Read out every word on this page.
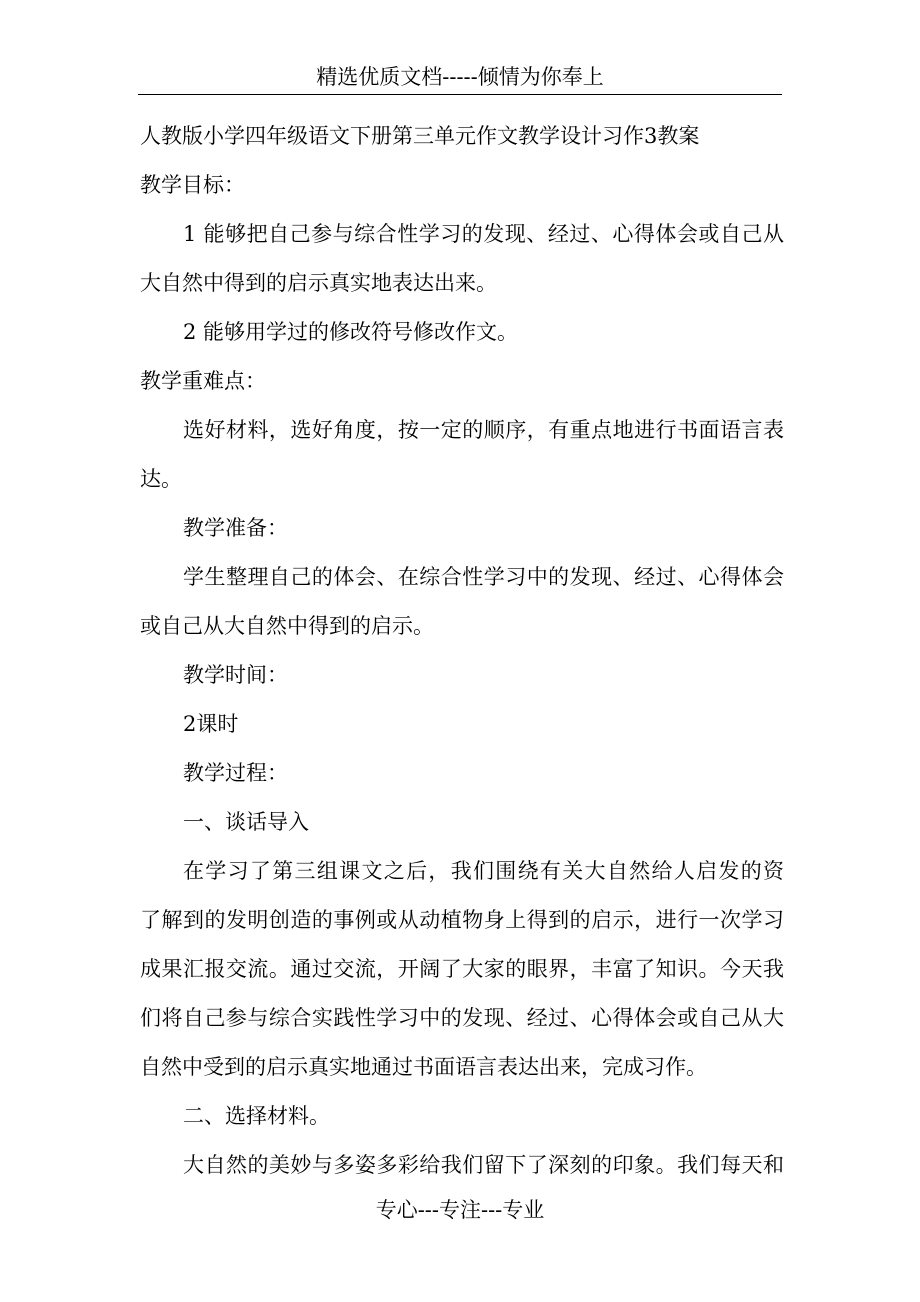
精选优质文档-----倾情为你奉上
人教版小学四年级语文下册第三单元作文教学设计习作3教案
教学目标：
1 能够把自己参与综合性学习的发现、经过、心得体会或自己从
大自然中得到的启示真实地表达出来。
2 能够用学过的修改符号修改作文。
教学重难点：
选好材料，选好角度，按一定的顺序，有重点地进行书面语言表
达。
教学准备：
学生整理自己的体会、在综合性学习中的发现、经过、心得体会
或自己从大自然中得到的启示。
教学时间：
2课时
教学过程：
一、谈话导入
在学习了第三组课文之后，我们围绕有关大自然给人启发的资
了解到的发明创造的事例或从动植物身上得到的启示，进行一次学习
成果汇报交流。通过交流，开阔了大家的眼界，丰富了知识。今天我
们将自己参与综合实践性学习中的发现、经过、心得体会或自己从大
自然中受到的启示真实地通过书面语言表达出来，完成习作。
二、选择材料。
大自然的美妙与多姿多彩给我们留下了深刻的印象。我们每天和
专心---专注---专业
